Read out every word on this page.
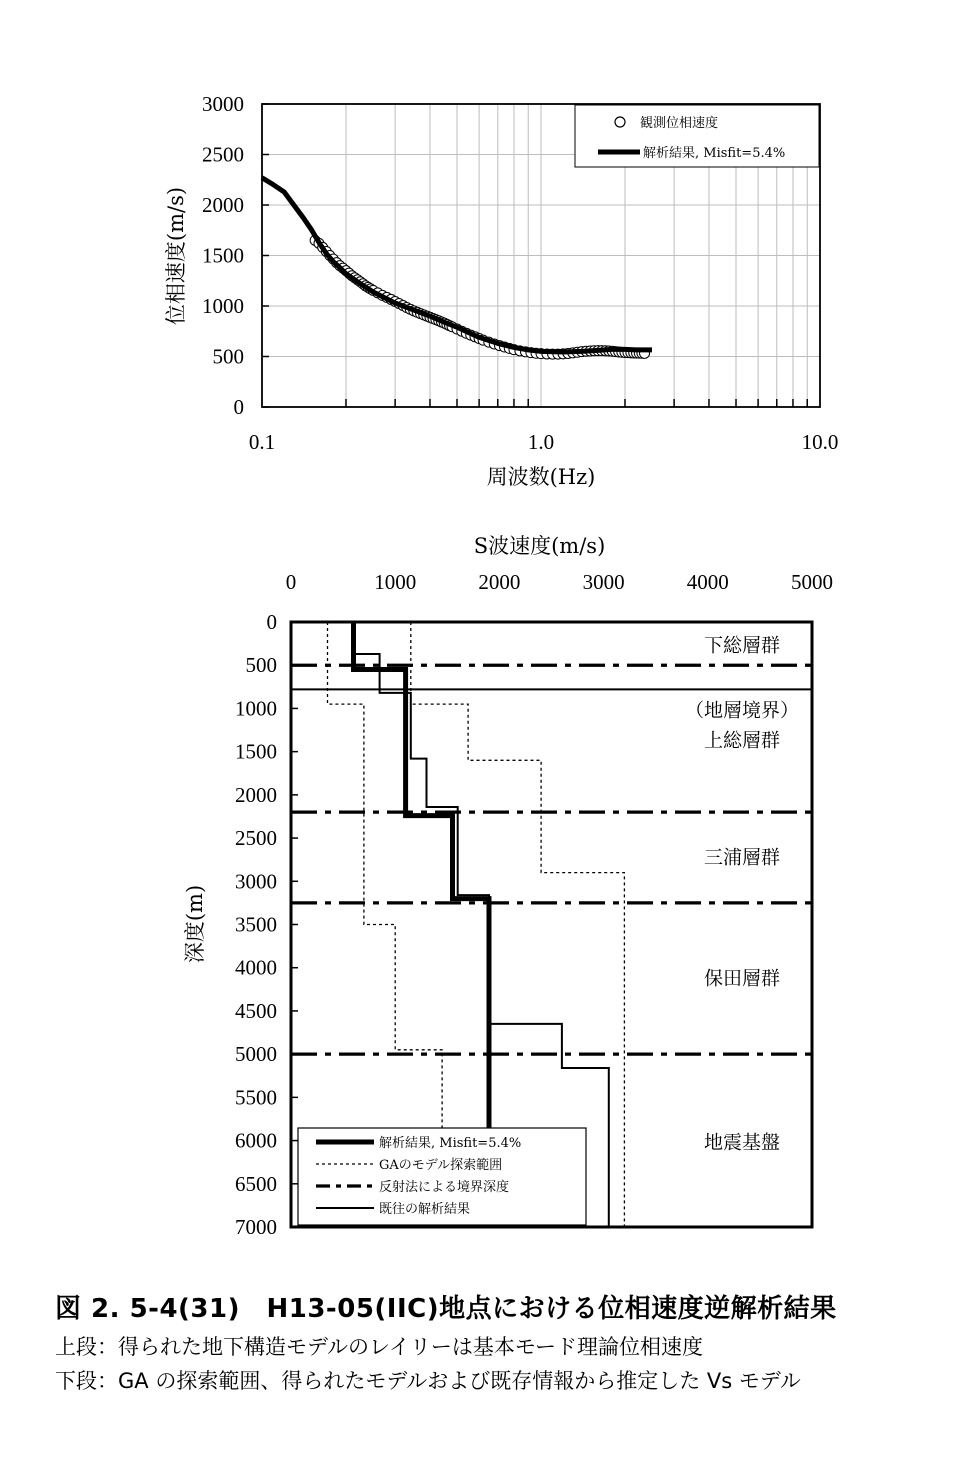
0
500
1000
1500
2000
2500
3000
0.1	1.0	10.0
周波数(Hz)
位相速度(m/s)
観測位相速度
解析結果, Misfit=5.4%
0	1000	2000	3000	4000	5000
0
500
1000
1500
2000
2500
3000
3500
4000
4500
5000
5500
6000
6500
7000
S波速度(m/s)
深度(m)
下総層群
（地層境界）
上総層群
三浦層群
保田層群
地震基盤
解析結果, Misfit=5.4%
GAのモデル探索範囲
反射法による境界深度
既往の解析結果
図 2. 5-4(31)　H13-05(IIC)地点における位相速度逆解析結果
上段：得られた地下構造モデルのレイリーは基本モード理論位相速度
下段：GA の探索範囲、得られたモデルおよび既存情報から推定した Vs モデル
